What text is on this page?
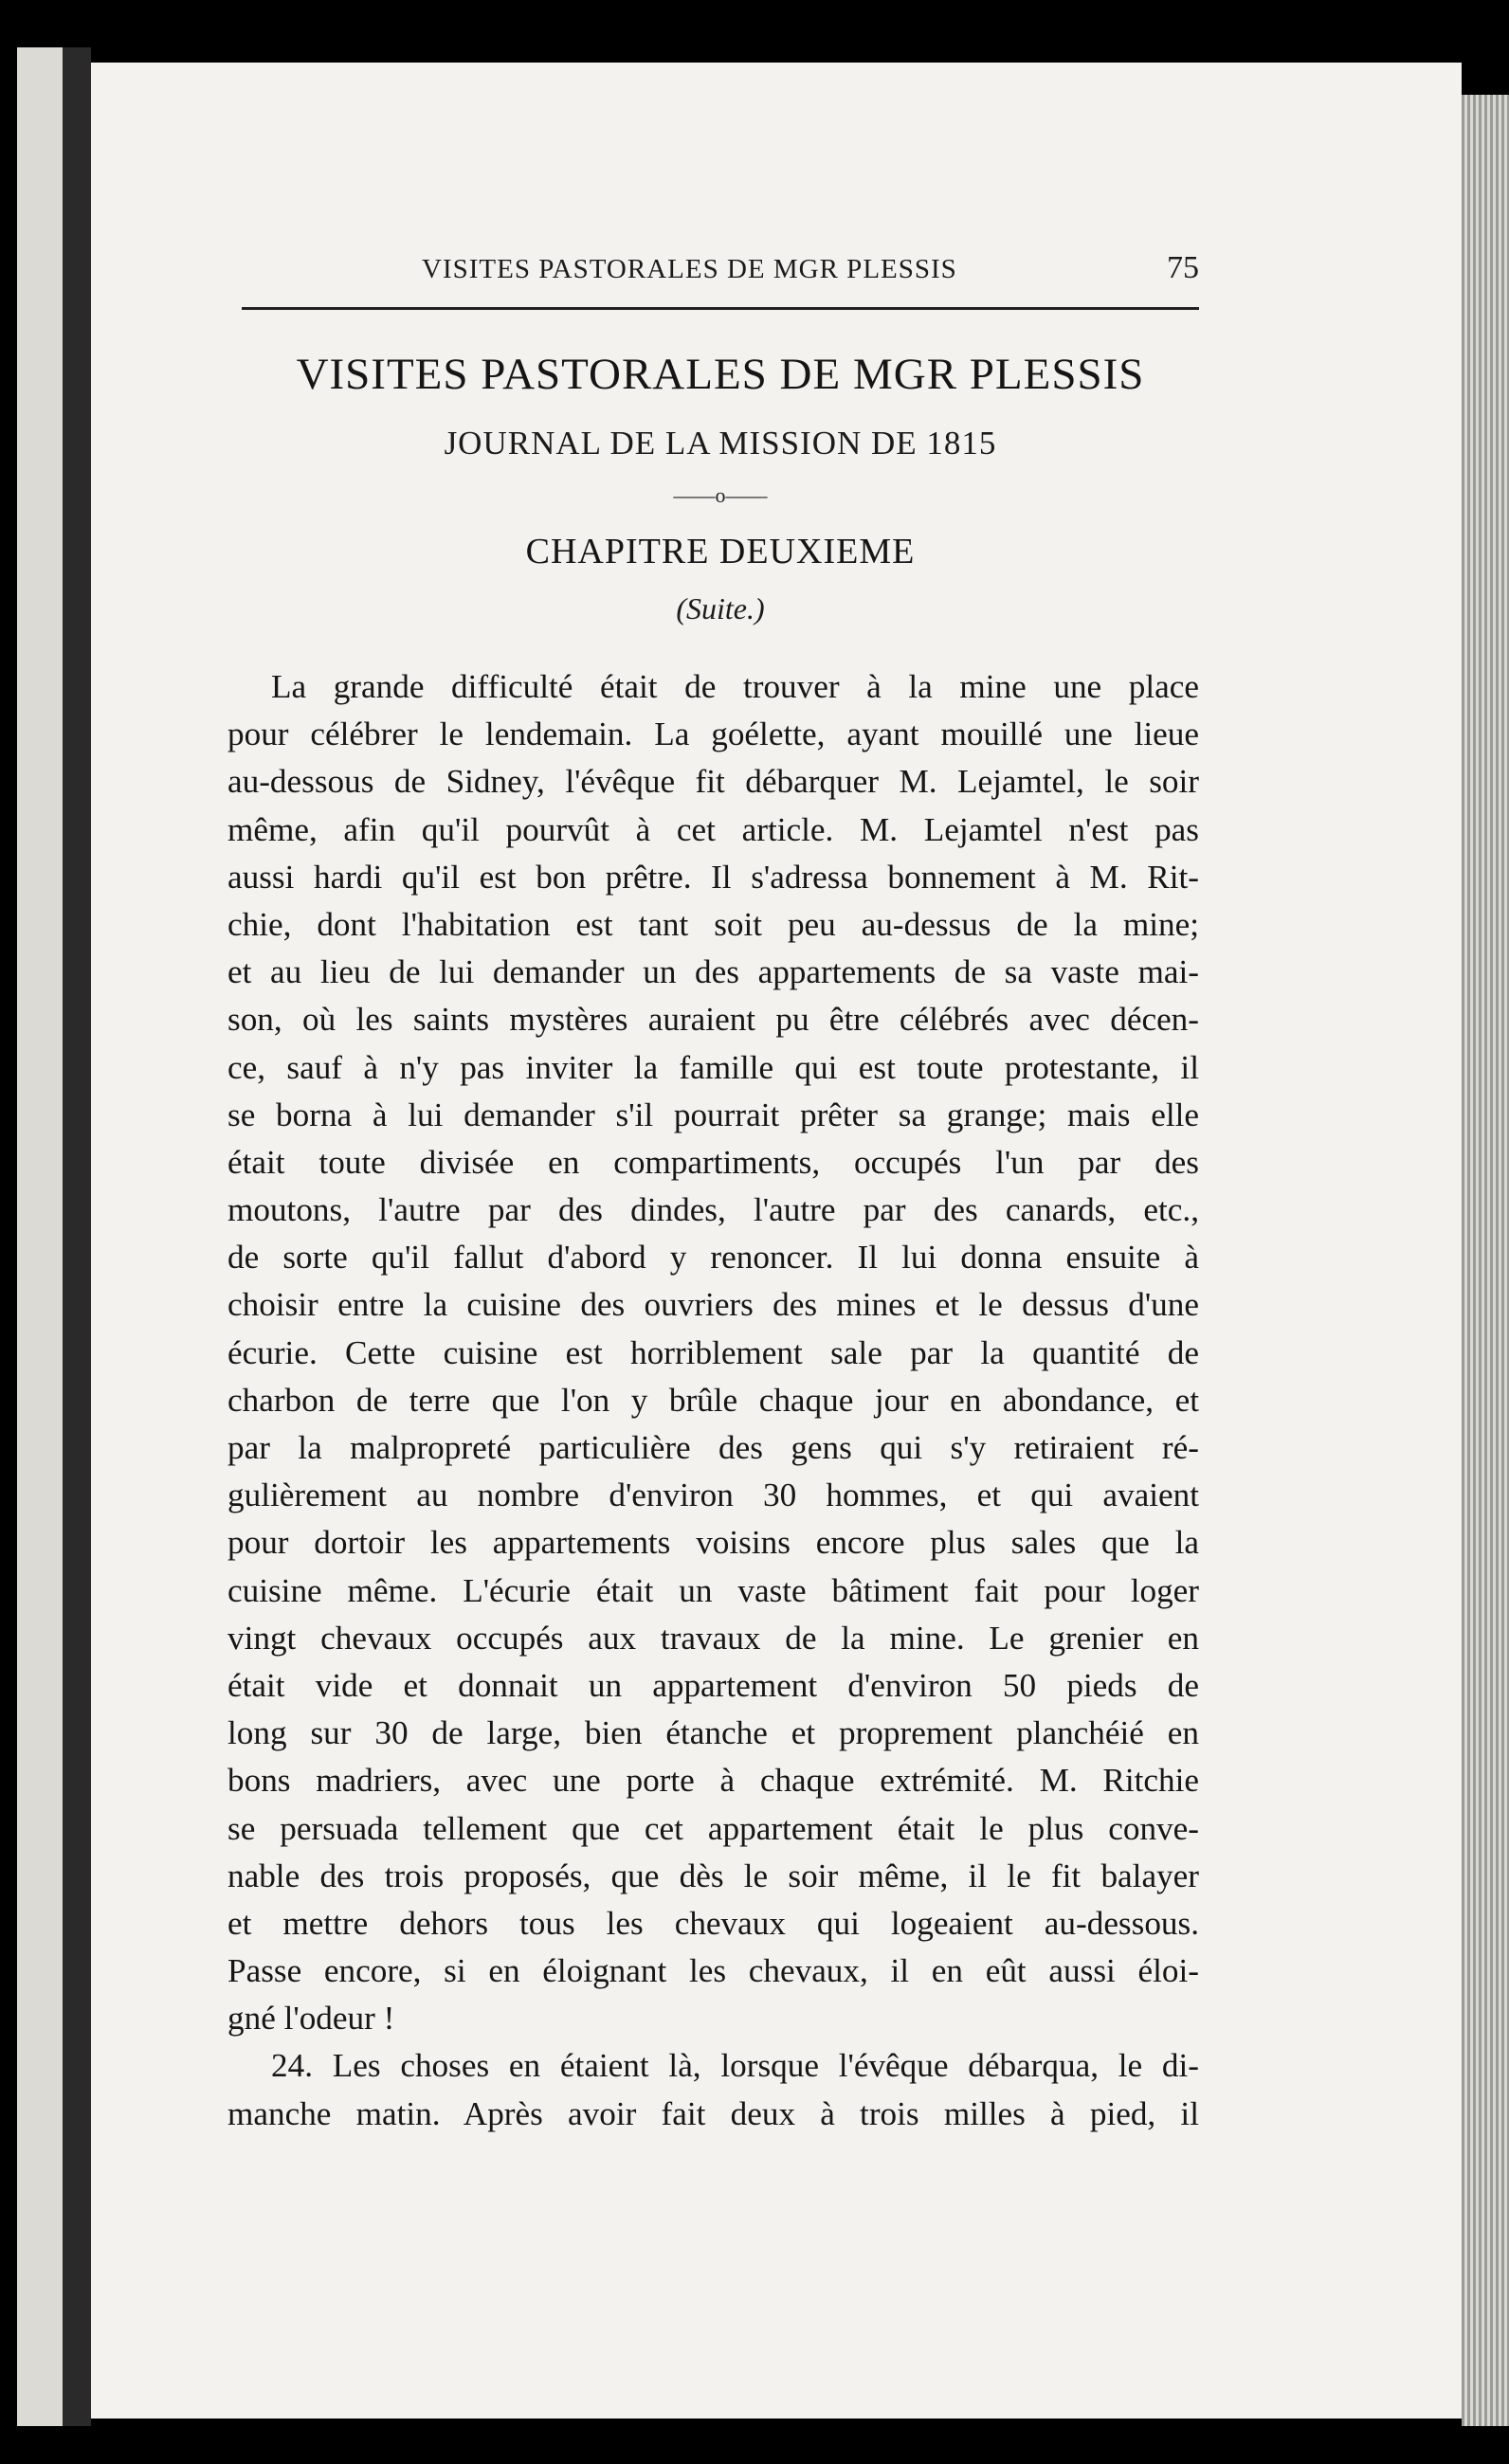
VISITES PASTORALES DE MGR PLESSIS	75
VISITES PASTORALES DE MGR PLESSIS
JOURNAL DE LA MISSION DE 1815
——o——
CHAPITRE DEUXIEME
(Suite.)
La grande difficulté était de trouver à la mine une place
pour célébrer le lendemain. La goélette, ayant mouillé une lieue
au-dessous de Sidney, l'évêque fit débarquer M. Lejamtel, le soir
même, afin qu'il pourvût à cet article. M. Lejamtel n'est pas
aussi hardi qu'il est bon prêtre. Il s'adressa bonnement à M. Rit-
chie, dont l'habitation est tant soit peu au-dessus de la mine;
et au lieu de lui demander un des appartements de sa vaste mai-
son, où les saints mystères auraient pu être célébrés avec décen-
ce, sauf à n'y pas inviter la famille qui est toute protestante, il
se borna à lui demander s'il pourrait prêter sa grange; mais elle
était toute divisée en compartiments, occupés l'un par des
moutons, l'autre par des dindes, l'autre par des canards, etc.,
de sorte qu'il fallut d'abord y renoncer. Il lui donna ensuite à
choisir entre la cuisine des ouvriers des mines et le dessus d'une
écurie. Cette cuisine est horriblement sale par la quantité de
charbon de terre que l'on y brûle chaque jour en abondance, et
par la malpropreté particulière des gens qui s'y retiraient ré-
gulièrement au nombre d'environ 30 hommes, et qui avaient
pour dortoir les appartements voisins encore plus sales que la
cuisine même. L'écurie était un vaste bâtiment fait pour loger
vingt chevaux occupés aux travaux de la mine. Le grenier en
était vide et donnait un appartement d'environ 50 pieds de
long sur 30 de large, bien étanche et proprement planchéié en
bons madriers, avec une porte à chaque extrémité. M. Ritchie
se persuada tellement que cet appartement était le plus conve-
nable des trois proposés, que dès le soir même, il le fit balayer
et mettre dehors tous les chevaux qui logeaient au-dessous.
Passe encore, si en éloignant les chevaux, il en eût aussi éloi-
gné l'odeur !
24. Les choses en étaient là, lorsque l'évêque débarqua, le di-
manche matin. Après avoir fait deux à trois milles à pied, il
